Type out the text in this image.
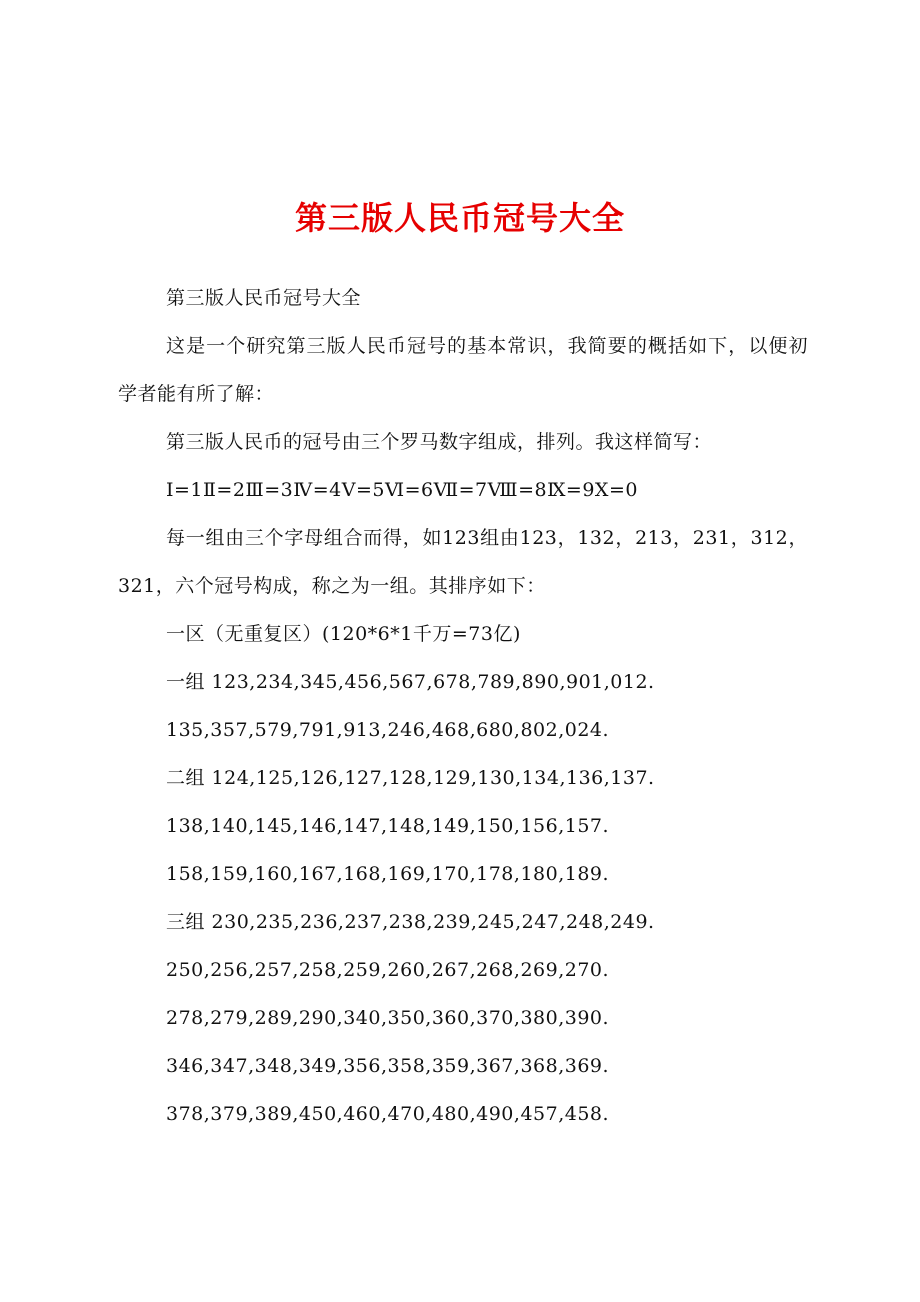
第三版人民币冠号大全

第三版人民币冠号大全

这是一个研究第三版人民币冠号的基本常识，我简要的概括如下，以便初学者能有所了解：

第三版人民币的冠号由三个罗马数字组成，排列。我这样简写：

Ⅰ=1Ⅱ=2Ⅲ=3Ⅳ=4Ⅴ=5Ⅵ=6Ⅶ=7Ⅷ=8Ⅸ=9Ⅹ=0

每一组由三个字母组合而得，如123组由123，132，213，231，312，321，六个冠号构成，称之为一组。其排序如下：

一区（无重复区）(120*6*1千万=73亿)

一组 123,234,345,456,567,678,789,890,901,012.

135,357,579,791,913,246,468,680,802,024.

二组 124,125,126,127,128,129,130,134,136,137.

138,140,145,146,147,148,149,150,156,157.

158,159,160,167,168,169,170,178,180,189.

三组 230,235,236,237,238,239,245,247,248,249.

250,256,257,258,259,260,267,268,269,270.

278,279,289,290,340,350,360,370,380,390.

346,347,348,349,356,358,359,367,368,369.

378,379,389,450,460,470,480,490,457,458.
